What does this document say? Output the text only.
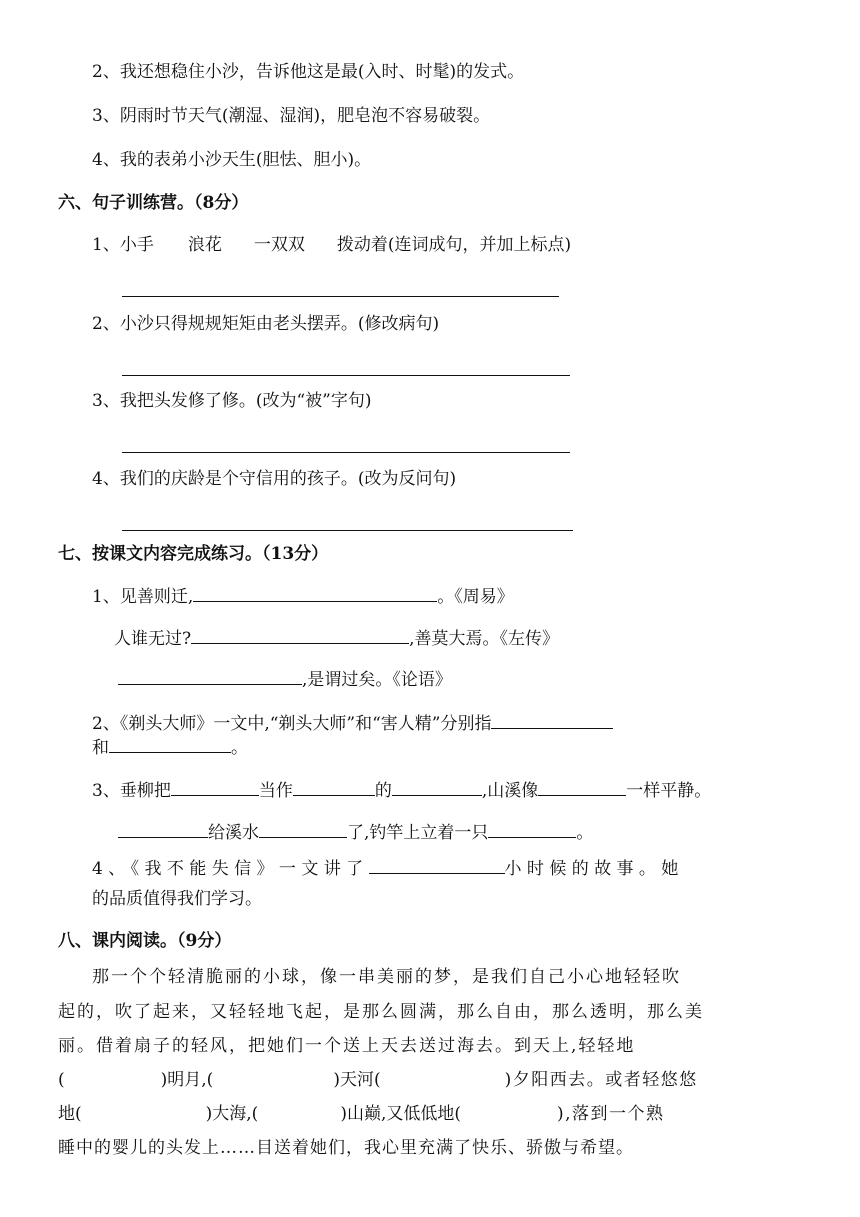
2、我还想稳住小沙，告诉他这是最(入时、时髦)的发式。
3、阴雨时节天气(潮湿、湿润)，肥皂泡不容易破裂。
4、我的表弟小沙天生(胆怯、胆小)。
六、句子训练营。（8分）
1、小手 浪花 一双双 拨动着(连词成句，并加上标点)
2、小沙只得规规矩矩由老头摆弄。(修改病句)
3、我把头发修了修。(改为“被”字句)
4、我们的庆龄是个守信用的孩子。(改为反问句)
七、按课文内容完成练习。（13分）
1、见善则迁,	。《周易》
人谁无过?	,善莫大焉。《左传》
,是谓过矣。《论语》
2、《剃头大师》一文中,“剃头大师”和“害人精”分别指
和	。
3、垂柳把	当作	的	,山溪像	一样平静。
给溪水	了,钓竿上立着一只	。
4、《我不能失信》一文讲了	小时候的故事。她
的品质值得我们学习。
八、课内阅读。（9分）
那一个个轻清脆丽的小球，像一串美丽的梦，是我们自己小心地轻轻吹
起的，吹了起来，又轻轻地飞起，是那么圆满，那么自由，那么透明，那么美
丽。借着扇子的轻风，把她们一个送上天去送过海去。到天上,轻轻地
(	)明月,(	)天河(	)夕阳西去。或者轻悠悠
地(	)大海,(	)山巅,又低低地(	),落到一个熟
睡中的婴儿的头发上……目送着她们，我心里充满了快乐、骄傲与希望。
